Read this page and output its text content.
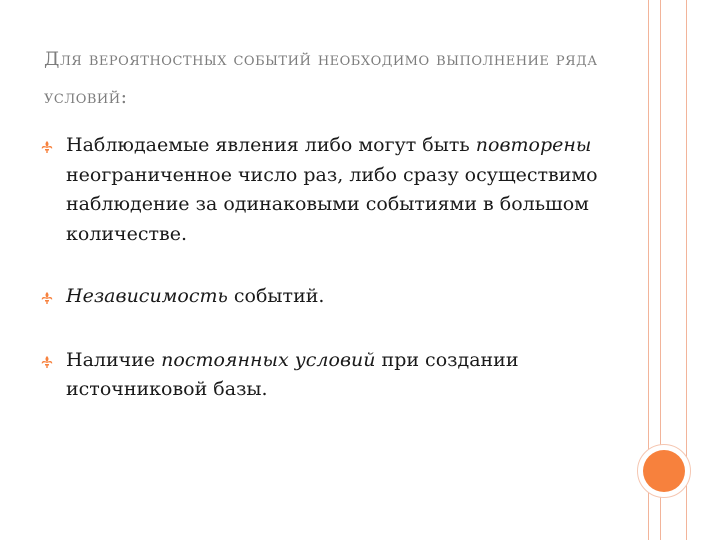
Для вероятностных событий необходимо выполнение ряда условий:
Наблюдаемые явления либо могут быть повторены неограниченное число раз, либо сразу осуществимо наблюдение за одинаковыми событиями в большом количестве.
Независимость событий.
Наличие постоянных условий при создании источниковой базы.
